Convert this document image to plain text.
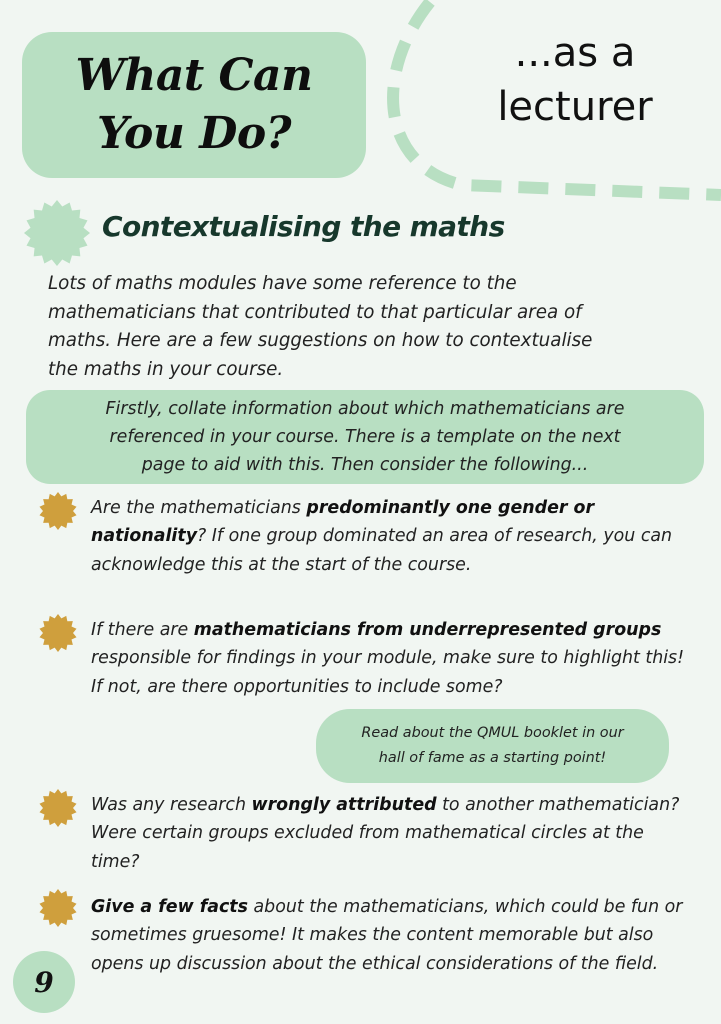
What Can
You Do?
...as a
lecturer
Contextualising the maths
Lots of maths modules have some reference to the
mathematicians that contributed to that particular area of
maths. Here are a few suggestions on how to contextualise
the maths in your course.
Firstly, collate information about which mathematicians are
referenced in your course. There is a template on the next
page to aid with this. Then consider the following...
Are the mathematicians predominantly one gender or nationality? If one group dominated an area of research, you can acknowledge this at the start of the course.
If there are mathematicians from underrepresented groups responsible for findings in your module, make sure to highlight this! If not, are there opportunities to include some?
Read about the QMUL booklet in our
hall of fame as a starting point!
Was any research wrongly attributed to another mathematician? Were certain groups excluded from mathematical circles at the time?
Give a few facts about the mathematicians, which could be fun or sometimes gruesome! It makes the content memorable but also opens up discussion about the ethical considerations of the field.
9
